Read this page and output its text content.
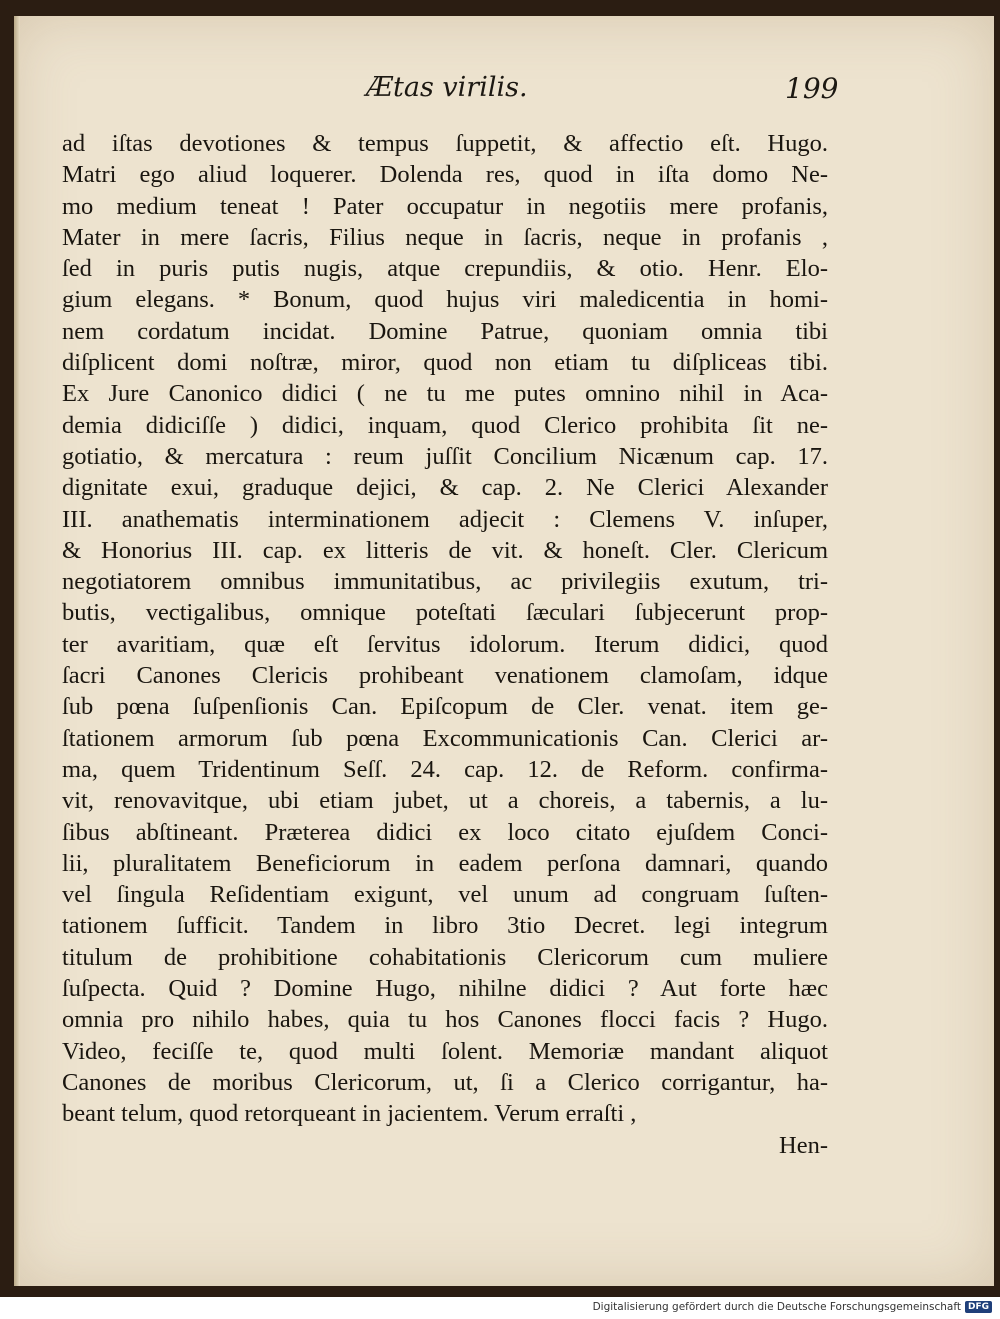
Ætas virilis.	199
ad iſtas devotiones & tempus ſuppetit, & affectio eſt. Hugo.
Matri ego aliud loquerer. Dolenda res, quod in iſta domo Ne-
mo medium teneat ! Pater occupatur in negotiis mere profanis,
Mater in mere ſacris, Filius neque in ſacris, neque in profanis ,
ſed in puris putis nugis, atque crepundiis, & otio. Henr. Elo-
gium elegans. * Bonum, quod hujus viri maledicentia in homi-
nem cordatum incidat. Domine Patrue, quoniam omnia tibi
diſplicent domi noſtræ, miror, quod non etiam tu diſpliceas tibi.
Ex Jure Canonico didici ( ne tu me putes omnino nihil in Aca-
demia didiciſſe ) didici, inquam, quod Clerico prohibita ſit ne-
gotiatio, & mercatura : reum juſſit Concilium Nicænum cap. 17.
dignitate exui, graduque dejici, & cap. 2. Ne Clerici Alexander
III. anathematis interminationem adjecit : Clemens V. inſuper,
& Honorius III. cap. ex litteris de vit. & honeſt. Cler. Clericum
negotiatorem omnibus immunitatibus, ac privilegiis exutum, tri-
butis, vectigalibus, omnique poteſtati ſæculari ſubjecerunt prop-
ter avaritiam, quæ eſt ſervitus idolorum. Iterum didici, quod
ſacri Canones Clericis prohibeant venationem clamoſam, idque
ſub pœna ſuſpenſionis Can. Epiſcopum de Cler. venat. item ge-
ſtationem armorum ſub pœna Excommunicationis Can. Clerici ar-
ma, quem Tridentinum Seſſ. 24. cap. 12. de Reform. confirma-
vit, renovavitque, ubi etiam jubet, ut a choreis, a tabernis, a lu-
ſibus abſtineant. Præterea didici ex loco citato ejuſdem Conci-
lii, pluralitatem Beneficiorum in eadem perſona damnari, quando
vel ſingula Reſidentiam exigunt, vel unum ad congruam ſuſten-
tationem ſufficit. Tandem in libro 3tio Decret. legi integrum
titulum de prohibitione cohabitationis Clericorum cum muliere
ſuſpecta. Quid ? Domine Hugo, nihilne didici ? Aut forte hæc
omnia pro nihilo habes, quia tu hos Canones flocci facis ? Hugo.
Video, feciſſe te, quod multi ſolent. Memoriæ mandant aliquot
Canones de moribus Clericorum, ut, ſi a Clerico corrigantur, ha-
beant telum, quod retorqueant in jacientem. Verum erraſti ,
Hen-
Digitalisierung gefördert durch die Deutsche Forschungsgemeinschaft DFG
